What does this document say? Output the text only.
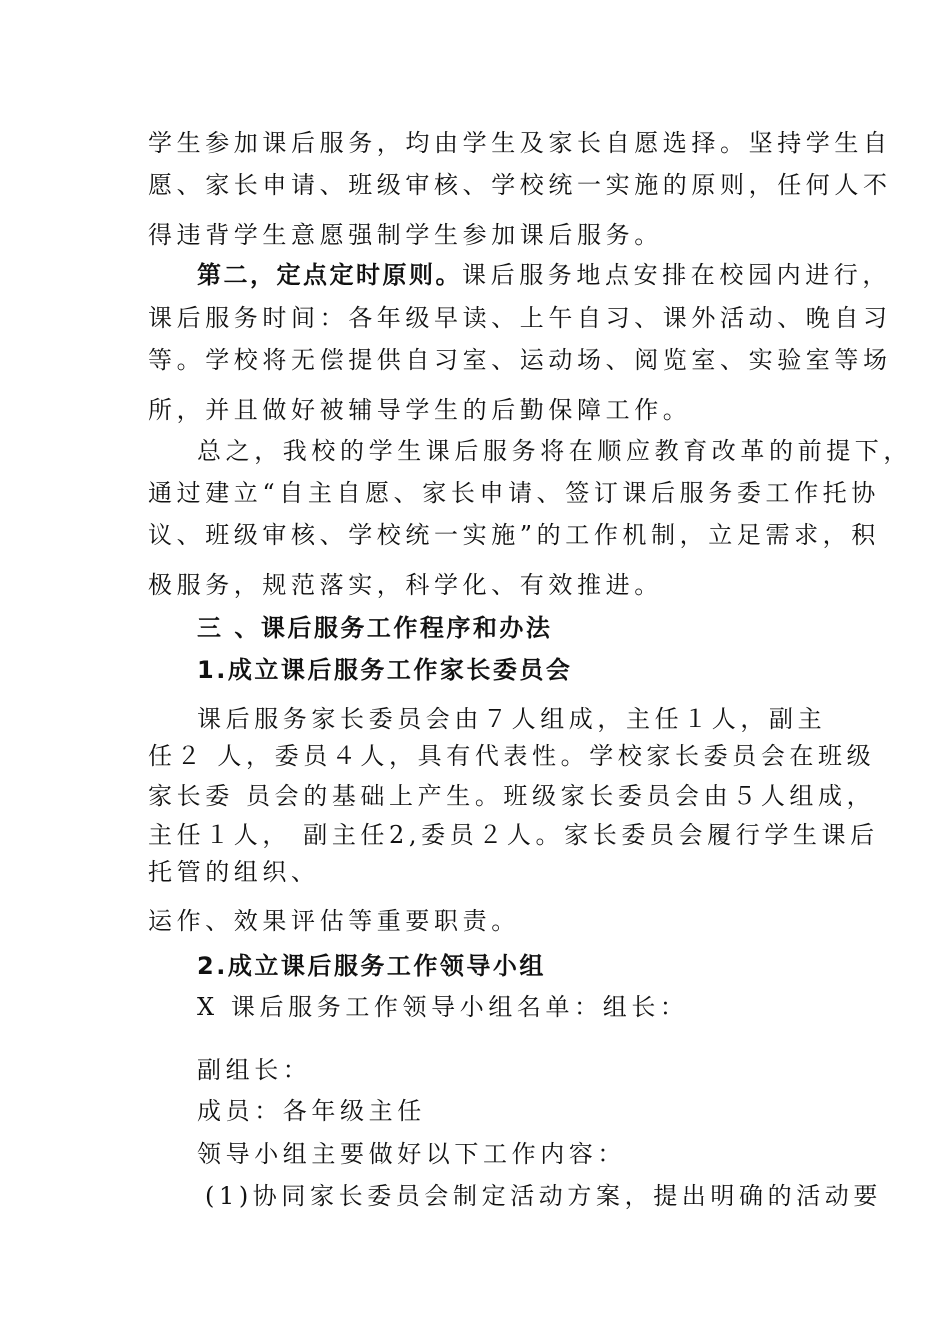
学生参加课后服务，均由学生及家长自愿选择。坚持学生自
愿、家长申请、班级审核、学校统一实施的原则，任何人不
得违背学生意愿强制学生参加课后服务。
第二，定点定时原则。课后服务地点安排在校园内进行，
课后服务时间：各年级早读、上午自习、课外活动、晚自习
等。学校将无偿提供自习室、运动场、阅览室、实验室等场
所，并且做好被辅导学生的后勤保障工作。
总之，我校的学生课后服务将在顺应教育改革的前提下，
通过建立“自主自愿、家长申请、签订课后服务委工作托协
议、班级审核、学校统一实施”的工作机制，立足需求，积
极服务，规范落实，科学化、有效推进。
三 、课后服务工作程序和办法
1.成立课后服务工作家长委员会
课后服务家长委员会由７人组成，主任１人，副主
任２ 人，委员４人，具有代表性。学校家长委员会在班级
家长委 员会的基础上产生。班级家长委员会由５人组成，
主任１人， 副主任2,委员２人。家长委员会履行学生课后
托管的组织、
运作、效果评估等重要职责。
2.成立课后服务工作领导小组
X 课后服务工作领导小组名单：组长：
副组长：
成员：各年级主任
领导小组主要做好以下工作内容：
(1)协同家长委员会制定活动方案，提出明确的活动要
